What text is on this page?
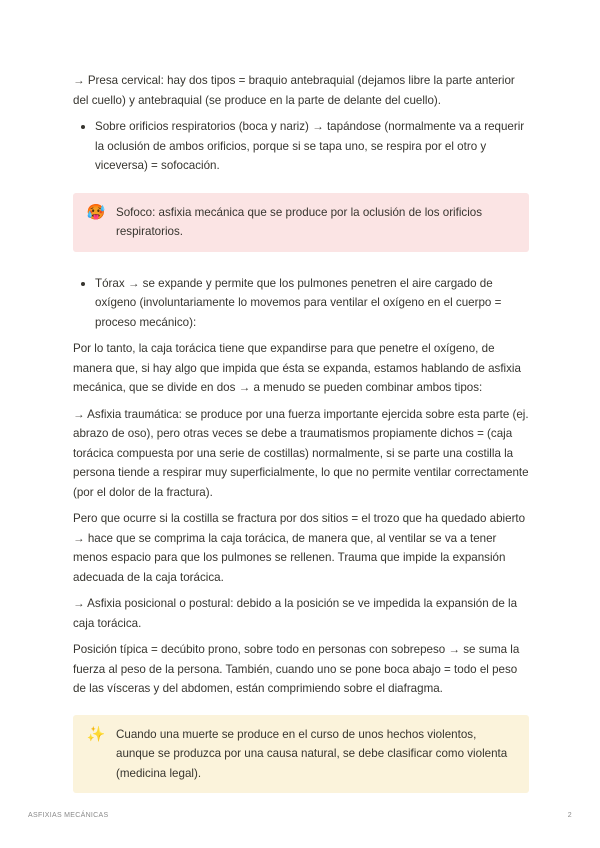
→ Presa cervical: hay dos tipos = braquio antebraquial (dejamos libre la parte anterior del cuello) y antebraquial (se produce en la parte de delante del cuello).

Sobre orificios respiratorios (boca y nariz) → tapándose (normalmente va a requerir la oclusión de ambos orificios, porque si se tapa uno, se respira por el otro y viceversa) = sofocación.

🥵 Sofoco: asfixia mecánica que se produce por la oclusión de los orificios respiratorios.

Tórax → se expande y permite que los pulmones penetren el aire cargado de oxígeno (involuntariamente lo movemos para ventilar el oxígeno en el cuerpo = proceso mecánico):

Por lo tanto, la caja torácica tiene que expandirse para que penetre el oxígeno, de manera que, si hay algo que impida que ésta se expanda, estamos hablando de asfixia mecánica, que se divide en dos → a menudo se pueden combinar ambos tipos:

→ Asfixia traumática: se produce por una fuerza importante ejercida sobre esta parte (ej. abrazo de oso), pero otras veces se debe a traumatismos propiamente dichos = (caja torácica compuesta por una serie de costillas) normalmente, si se parte una costilla la persona tiende a respirar muy superficialmente, lo que no permite ventilar correctamente (por el dolor de la fractura).

Pero que ocurre si la costilla se fractura por dos sitios = el trozo que ha quedado abierto → hace que se comprima la caja torácica, de manera que, al ventilar se va a tener menos espacio para que los pulmones se rellenen. Trauma que impide la expansión adecuada de la caja torácica.

→ Asfixia posicional o postural: debido a la posición se ve impedida la expansión de la caja torácica.

Posición típica = decúbito prono, sobre todo en personas con sobrepeso → se suma la fuerza al peso de la persona. También, cuando uno se pone boca abajo = todo el peso de las vísceras y del abdomen, están comprimiendo sobre el diafragma.

✨ Cuando una muerte se produce en el curso de unos hechos violentos, aunque se produzca por una causa natural, se debe clasificar como violenta (medicina legal).
ASFIXIAS MECÁNICAS	2
